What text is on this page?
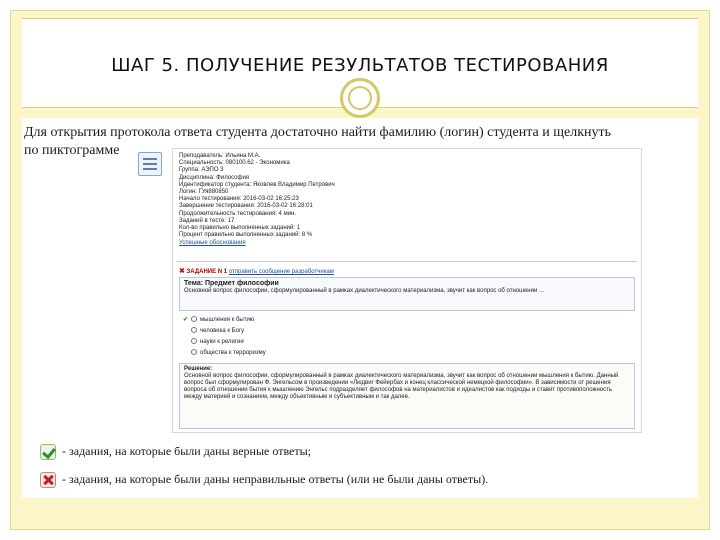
ШАГ 5. ПОЛУЧЕНИЕ РЕЗУЛЬТАТОВ ТЕСТИРОВАНИЯ
Для открытия протокола ответа студента достаточно найти фамилию (логин) студента и щелкнуть
по пиктограмме	Преподаватель: Ильина М.А.
Специальность: 080100.62 - Экономика
Группа: АЭПО 3
Дисциплина: Философия
Идентификатор студента: Яковлев Владимир Петрович
Логин: ГУя880850
Начало тестирования: 2016-03-02 16:25:23
Завершение тестирования: 2016-03-02 16:28:01
Продолжительность тестирования: 4 мин.
Заданий в тесте: 17
Кол-во правильно выполненных заданий: 1
Процент правильно выполненных заданий: 8 %
Успешные обоснования
✖ ЗАДАНИЕ N 1 отправить сообщение разработчикам
Тема: Предмет философии
Основной вопрос философии, сформулированный в рамках диалектического материализма, звучит как вопрос об отношении …
✔ мышления к бытию
человека к Богу
науки к религии
общества к терроризму
Решение:
Основной вопрос философии, сформулированный в рамках диалектического материализма, звучит как вопрос об отношении мышления к бытию. Данный вопрос был сформулирован Ф. Энгельсом в произведении «Людвиг Фейербах и конец классической немецкой философии». В зависимости от решения вопроса об отношении бытия к мышлению Энгельс подразделяет философов на материалистов и идеалистов как подходы и ставит противоположность между материей и сознанием, между объективным и субъективным и так далее.
- задания, на которые были даны верные ответы;
- задания, на которые были даны неправильные ответы (или не были даны ответы).
